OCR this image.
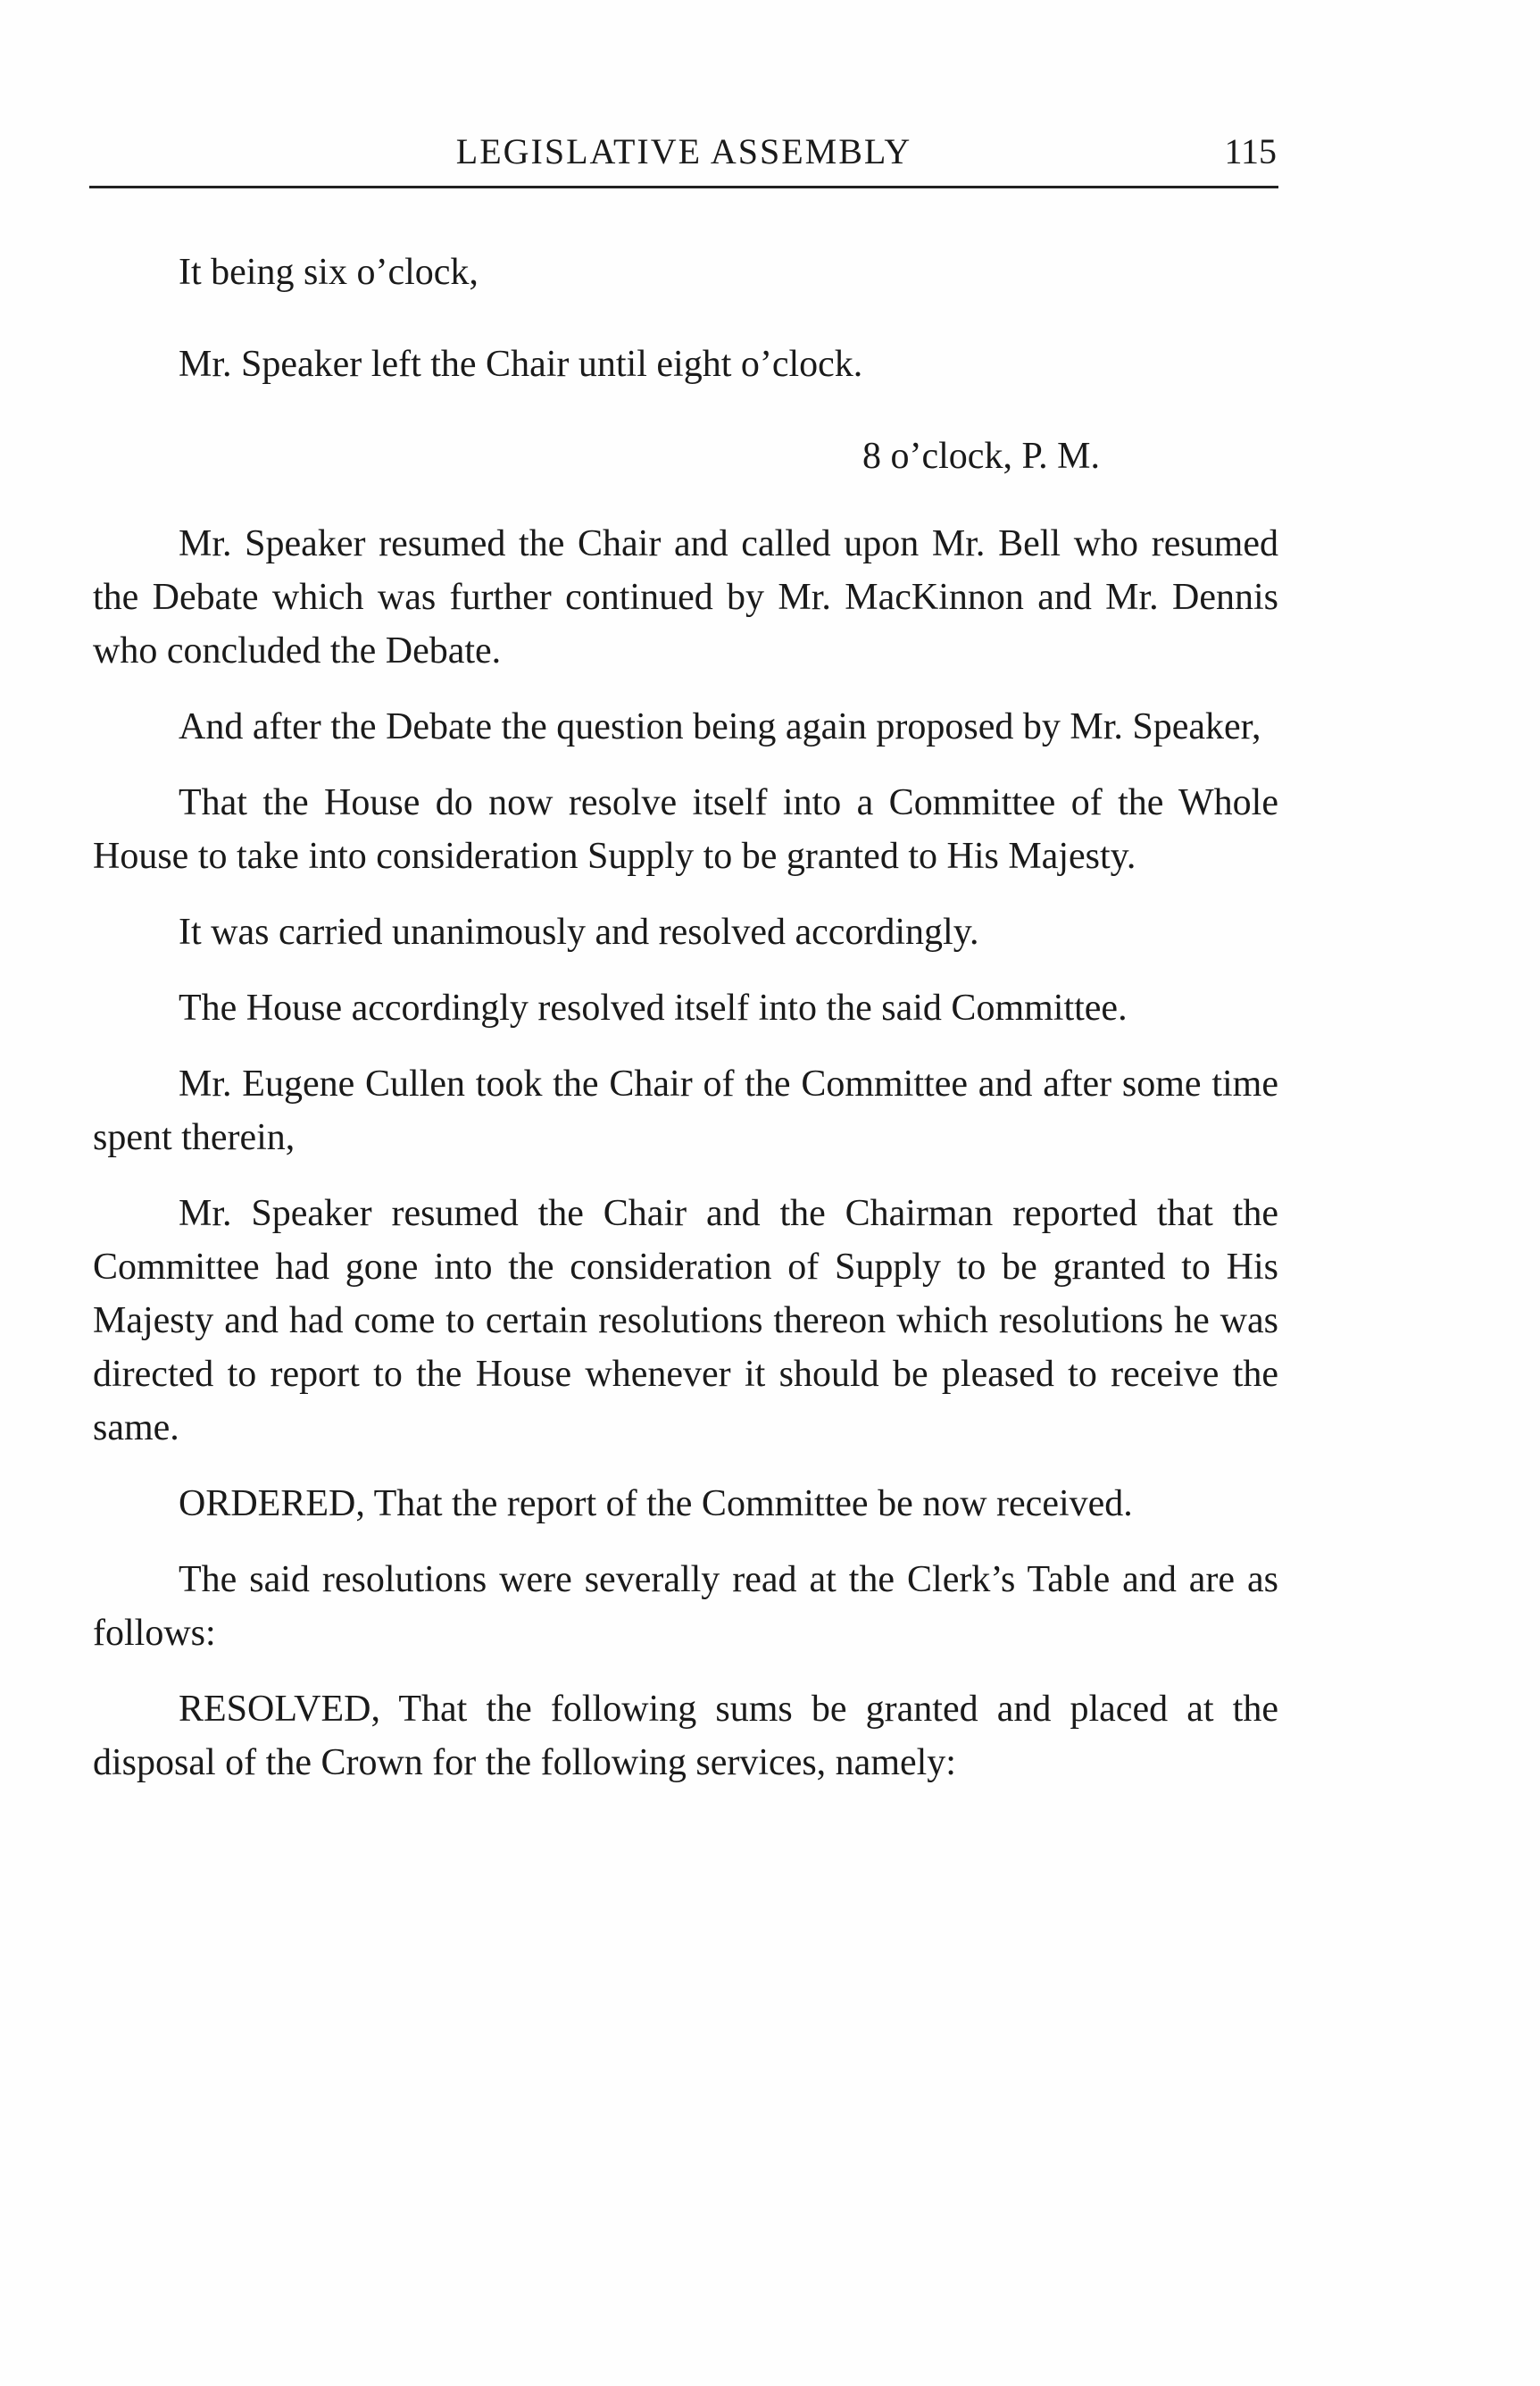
LEGISLATIVE ASSEMBLY	115

It being six o’clock,

Mr. Speaker left the Chair until eight o’clock.

8 o’clock, P. M.

Mr. Speaker resumed the Chair and called upon Mr. Bell who resumed the Debate which was further continued by Mr. MacKinnon and Mr. Dennis who concluded the Debate.

And after the Debate the question being again proposed by Mr. Speaker,

That the House do now resolve itself into a Committee of the Whole House to take into consideration Supply to be granted to His Majesty.

It was carried unanimously and resolved accordingly.

The House accordingly resolved itself into the said Committee.

Mr. Eugene Cullen took the Chair of the Committee and after some time spent therein,

Mr. Speaker resumed the Chair and the Chairman reported that the Committee had gone into the consideration of Supply to be granted to His Majesty and had come to certain resolutions thereon which resolutions he was directed to report to the House whenever it should be pleased to receive the same.

ORDERED, That the report of the Committee be now received.

The said resolutions were severally read at the Clerk’s Table and are as follows:

RESOLVED, That the following sums be granted and placed at the disposal of the Crown for the following services, namely:
